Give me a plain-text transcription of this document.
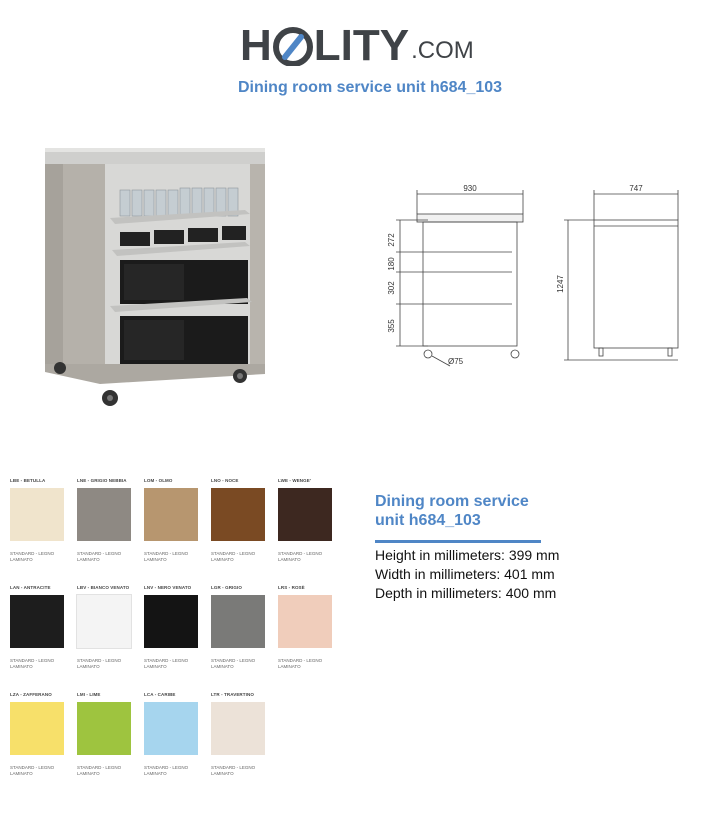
H LITY .COM
Dining room service unit h684_103
930	747
272
180
302
355
1247
Ø75
LBE - BETULLA
STANDARD - LEGNO LAMINATO
LNE - GRIGIO NEBBIA
STANDARD - LEGNO LAMINATO
LOM - OLMO
STANDARD - LEGNO LAMINATO
LNO - NOCE
STANDARD - LEGNO LAMINATO
LWE - WENGE'
STANDARD - LEGNO LAMINATO
LAN - ANTRACITE
STANDARD - LEGNO LAMINATO
LBV - BIANCO VENATO
STANDARD - LEGNO LAMINATO
LNV - NERO VENATO
STANDARD - LEGNO LAMINATO
LGR - GRIGIO
STANDARD - LEGNO LAMINATO
LRS - ROSÈ
STANDARD - LEGNO LAMINATO
LZA - ZAFFERANO
STANDARD - LEGNO LAMINATO
LMI - LIME
STANDARD - LEGNO LAMINATO
LCA - CARIBE
STANDARD - LEGNO LAMINATO
LTR - TRAVERTINO
STANDARD - LEGNO LAMINATO
Dining room service
unit h684_103
Height in millimeters: 399 mm
Width in millimeters: 401 mm
Depth in millimeters: 400 mm
